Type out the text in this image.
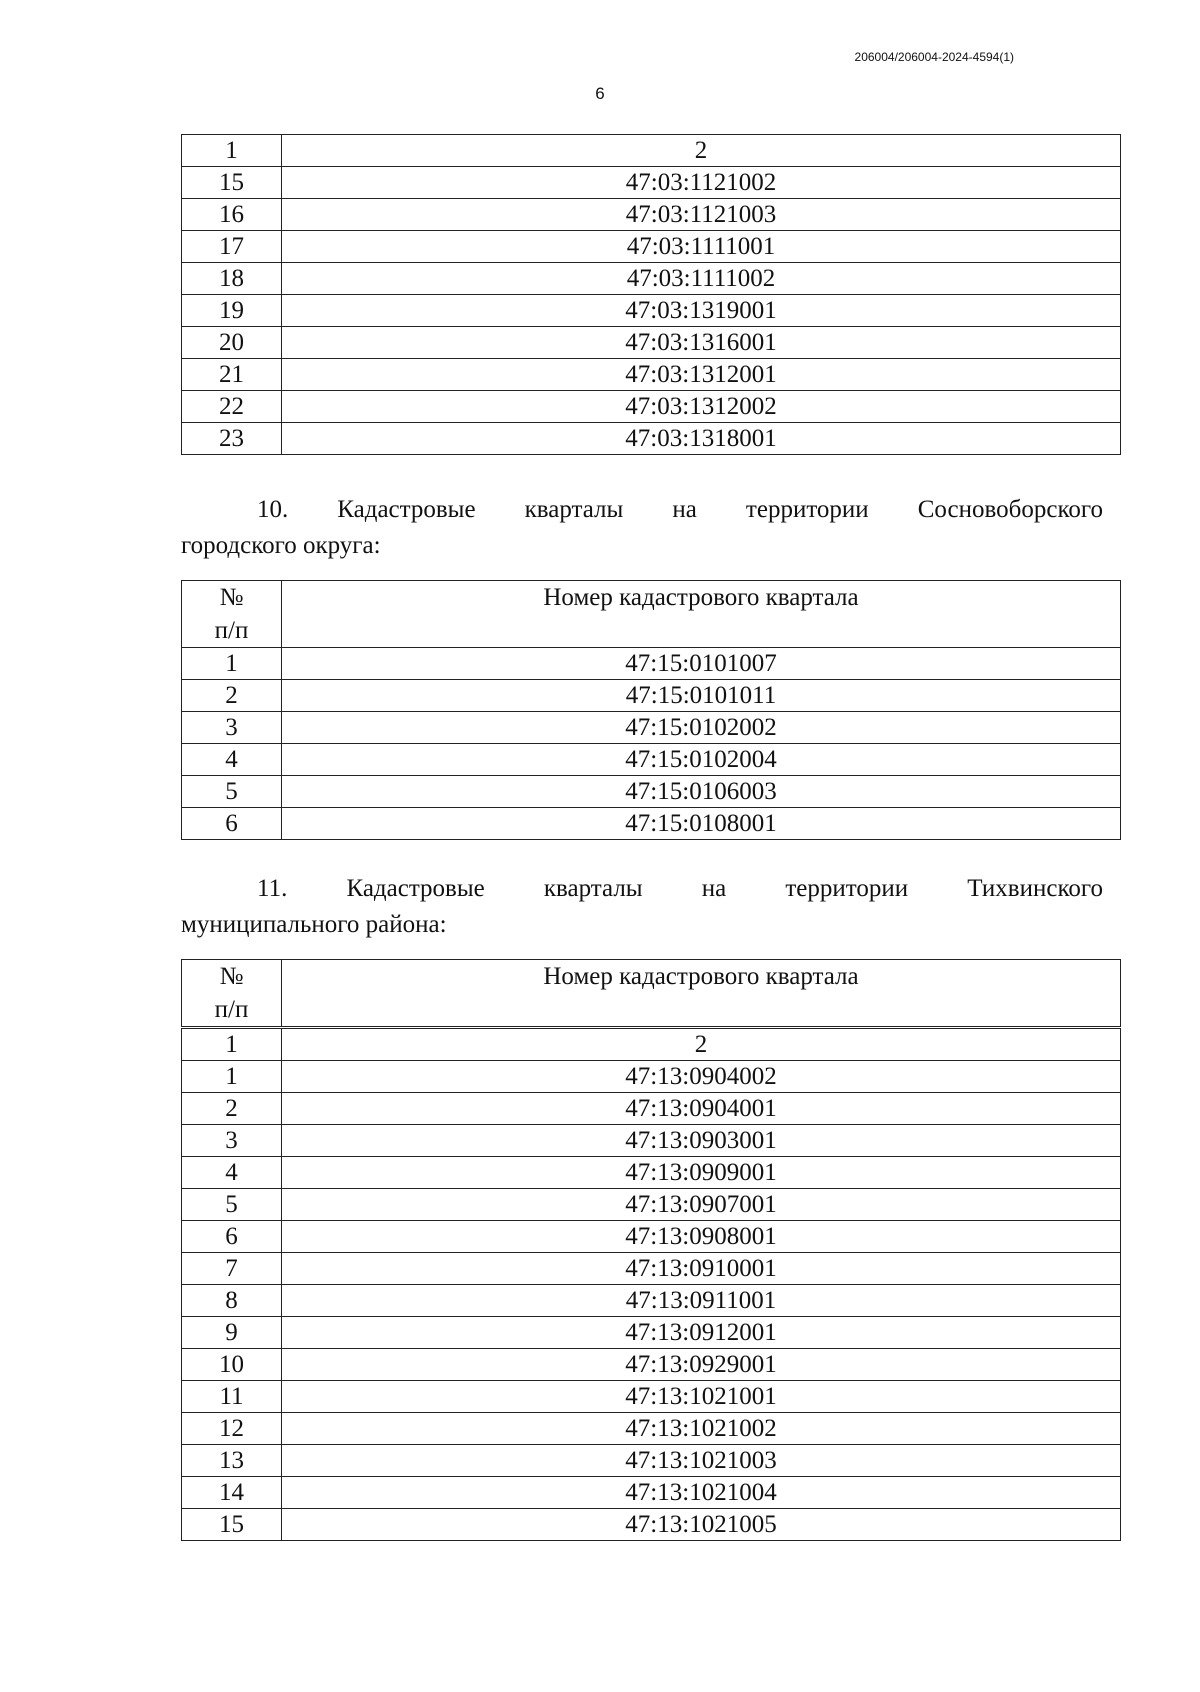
206004/206004-2024-4594(1)
6
1	2
15	47:03:1121002
16	47:03:1121003
17	47:03:1111001
18	47:03:1111002
19	47:03:1319001
20	47:03:1316001
21	47:03:1312001
22	47:03:1312002
23	47:03:1318001
10. Кадастровые кварталы на территории Сосновоборского
городского округа:
№
п/п	Номер кадастрового квартала
1	47:15:0101007
2	47:15:0101011
3	47:15:0102002
4	47:15:0102004
5	47:15:0106003
6	47:15:0108001
11. Кадастровые кварталы на территории Тихвинского
муниципального района:
№
п/п	Номер кадастрового квартала
1	2
1	47:13:0904002
2	47:13:0904001
3	47:13:0903001
4	47:13:0909001
5	47:13:0907001
6	47:13:0908001
7	47:13:0910001
8	47:13:0911001
9	47:13:0912001
10	47:13:0929001
11	47:13:1021001
12	47:13:1021002
13	47:13:1021003
14	47:13:1021004
15	47:13:1021005
